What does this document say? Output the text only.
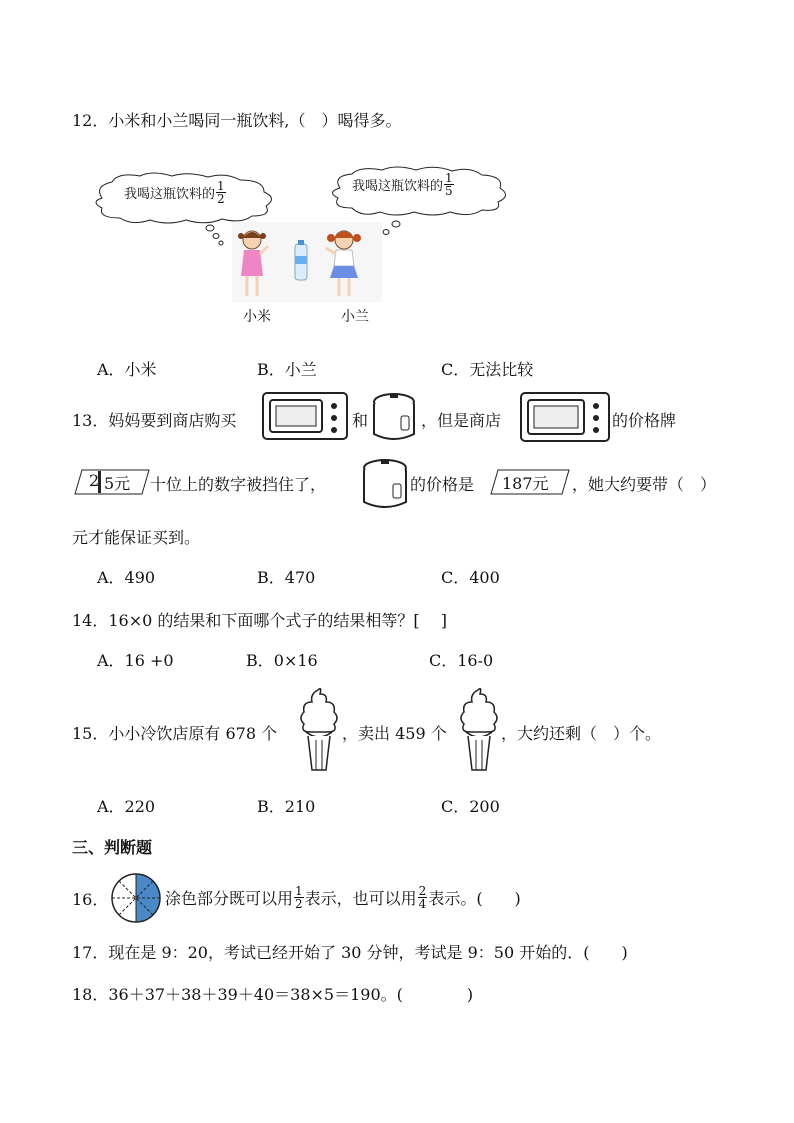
12．小米和小兰喝同一瓶饮料,（　）喝得多。
我喝这瓶饮料的 $\frac{1}{2}$	我喝这瓶饮料的 $\frac{1}{5}$
小米	小兰
A．小米	B．小兰	C．无法比较
13．妈妈要到商店购买	和	，但是商店	的价格牌
2 5元 十位上的数字被挡住了，	的价格是 187元 ，她大约要带（　）
元才能保证买到。
A．490	B．470	C．400
14．16×0 的结果和下面哪个式子的结果相等？[　 ]
A．16 +0	B．0×16	C．16-0
15．小小冷饮店原有 678 个	，卖出 459 个	，大约还剩（　）个。
A．220	B．210	C．200
三、判断题
16．	涂色部分既可以用 $\frac{1}{2}$ 表示，也可以用 $\frac{2}{4}$ 表示。(　　)
17．现在是 9：20，考试已经开始了 30 分钟，考试是 9：50 开始的．(　　)
18．36＋37＋38＋39＋40＝38×5＝190。(　　　　)
